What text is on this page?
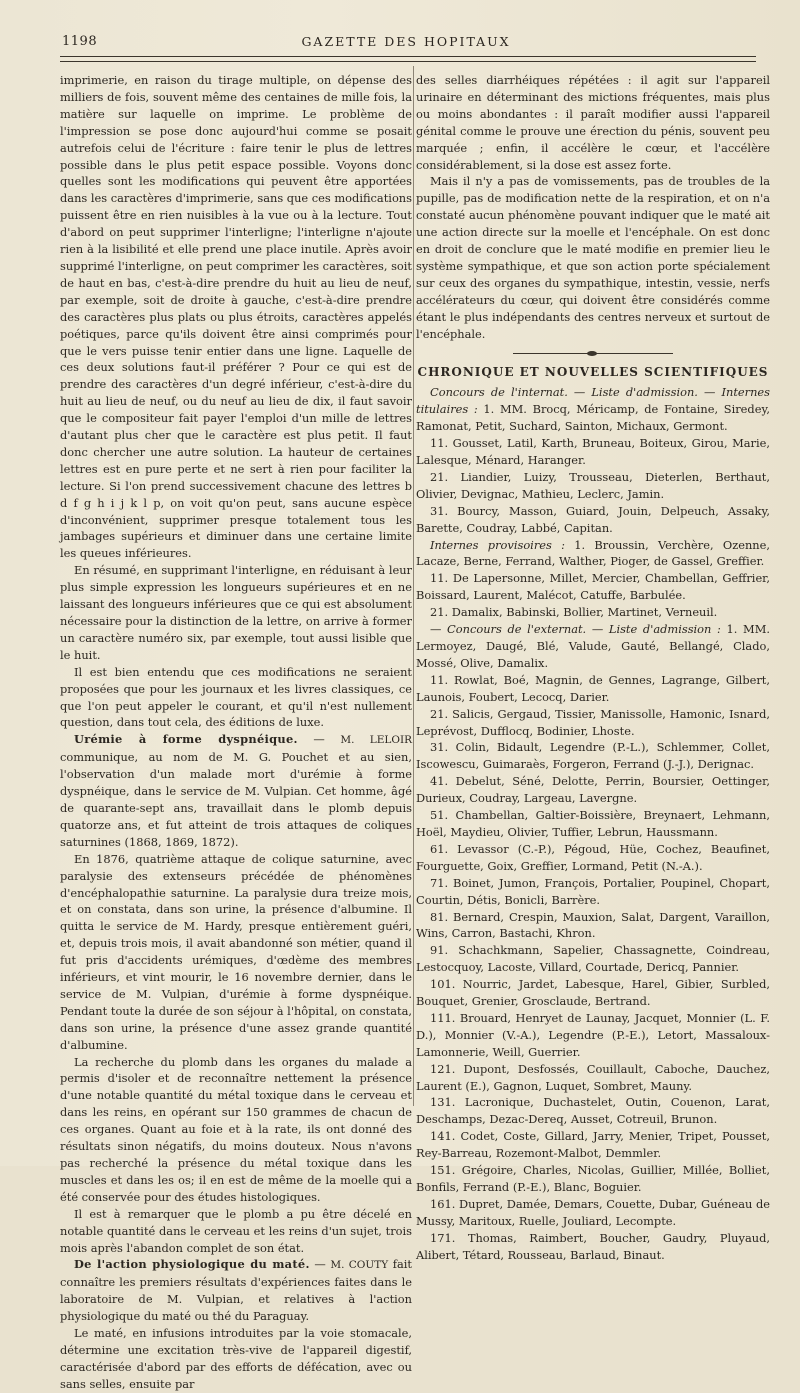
1198	GAZETTE DES HOPITAUX

imprimerie, en raison du tirage multiple, on dépense des milliers de fois, souvent même des centaines de mille fois, la matière sur laquelle on imprime. Le problème de l'impression se pose donc aujourd'hui comme se posait autrefois celui de l'écriture : faire tenir le plus de lettres possible dans le plus petit espace possible. Voyons donc quelles sont les modifications qui peuvent être apportées dans les caractères d'imprimerie, sans que ces modifications puissent être en rien nuisibles à la vue ou à la lecture. Tout d'abord on peut supprimer l'interligne; l'interligne n'ajoute rien à la lisibilité et elle prend une place inutile. Après avoir supprimé l'interligne, on peut comprimer les caractères, soit de haut en bas, c'est-à-dire prendre du huit au lieu de neuf, par exemple, soit de droite à gauche, c'est-à-dire prendre des caractères plus plats ou plus étroits, caractères appelés poétiques, parce qu'ils doivent être ainsi comprimés pour que le vers puisse tenir entier dans une ligne. Laquelle de ces deux solutions faut-il préférer ? Pour ce qui est de prendre des caractères d'un degré inférieur, c'est-à-dire du huit au lieu de neuf, ou du neuf au lieu de dix, il faut savoir que le compositeur fait payer l'emploi d'un mille de lettres d'autant plus cher que le caractère est plus petit. Il faut donc chercher une autre solution. La hauteur de certaines lettres est en pure perte et ne sert à rien pour faciliter la lecture. Si l'on prend successivement chacune des lettres b d f g h i j k l p, on voit qu'on peut, sans aucune espèce d'inconvénient, supprimer presque totalement tous les jambages supérieurs et diminuer dans une certaine limite les queues inférieures.

En résumé, en supprimant l'interligne, en réduisant à leur plus simple expression les longueurs supérieures et en ne laissant des longueurs inférieures que ce qui est absolument nécessaire pour la distinction de la lettre, on arrive à former un caractère numéro six, par exemple, tout aussi lisible que le huit.

Il est bien entendu que ces modifications ne seraient proposées que pour les journaux et les livres classiques, ce que l'on peut appeler le courant, et qu'il n'est nullement question, dans tout cela, des éditions de luxe.

Urémie à forme dyspnéique. — M. LELOIR communique, au nom de M. G. Pouchet et au sien, l'observation d'un malade mort d'urémie à forme dyspnéique, dans le service de M. Vulpian. Cet homme, âgé de quarante-sept ans, travaillait dans le plomb depuis quatorze ans, et fut atteint de trois attaques de coliques saturnines (1868, 1869, 1872).

En 1876, quatrième attaque de colique saturnine, avec paralysie des extenseurs précédée de phénomènes d'encéphalopathie saturnine. La paralysie dura treize mois, et on constata, dans son urine, la présence d'albumine. Il quitta le service de M. Hardy, presque entièrement guéri, et, depuis trois mois, il avait abandonné son métier, quand il fut pris d'accidents urémiques, d'œdème des membres inférieurs, et vint mourir, le 16 novembre dernier, dans le service de M. Vulpian, d'urémie à forme dyspnéique. Pendant toute la durée de son séjour à l'hôpital, on constata, dans son urine, la présence d'une assez grande quantité d'albumine.

La recherche du plomb dans les organes du malade a permis d'isoler et de reconnaître nettement la présence d'une notable quantité du métal toxique dans le cerveau et dans les reins, en opérant sur 150 grammes de chacun de ces organes. Quant au foie et à la rate, ils ont donné des résultats sinon négatifs, du moins douteux. Nous n'avons pas recherché la présence du métal toxique dans les muscles et dans les os; il en est de même de la moelle qui a été conservée pour des études histologiques.

Il est à remarquer que le plomb a pu être décelé en notable quantité dans le cerveau et les reins d'un sujet, trois mois après l'abandon complet de son état.

De l'action physiologique du maté. — M. COUTY fait connaître les premiers résultats d'expériences faites dans le laboratoire de M. Vulpian, et relatives à l'action physiologique du maté ou thé du Paraguay.

Le maté, en infusions introduites par la voie stomacale, détermine une excitation très-vive de l'appareil digestif, caractérisée d'abord par des efforts de défécation, avec ou sans selles, ensuite par

des selles diarrhéiques répétées : il agit sur l'appareil urinaire en déterminant des mictions fréquentes, mais plus ou moins abondantes : il paraît modifier aussi l'appareil génital comme le prouve une érection du pénis, souvent peu marquée ; enfin, il accélère le cœur, et l'accélère considérablement, si la dose est assez forte.

Mais il n'y a pas de vomissements, pas de troubles de la pupille, pas de modification nette de la respiration, et on n'a constaté aucun phénomène pouvant indiquer que le maté ait une action directe sur la moelle et l'encéphale. On est donc en droit de conclure que le maté modifie en premier lieu le système sympathique, et que son action porte spécialement sur ceux des organes du sympathique, intestin, vessie, nerfs accélérateurs du cœur, qui doivent être considérés comme étant le plus indépendants des centres nerveux et surtout de l'encéphale.

CHRONIQUE ET NOUVELLES SCIENTIFIQUES

Concours de l'internat. — Liste d'admission. — Internes titulaires : 1. MM. Brocq, Méricamp, de Fontaine, Siredey, Ramonat, Petit, Suchard, Sainton, Michaux, Germont.

11. Gousset, Latil, Karth, Bruneau, Boiteux, Girou, Marie, Lalesque, Ménard, Haranger.

21. Liandier, Luizy, Trousseau, Dieterlen, Berthaut, Olivier, Devignac, Mathieu, Leclerc, Jamin.

31. Bourcy, Masson, Guiard, Jouin, Delpeuch, Assaky, Barette, Coudray, Labbé, Capitan.

Internes provisoires : 1. Broussin, Verchère, Ozenne, Lacaze, Berne, Ferrand, Walther, Pioger, de Gassel, Greffier.

11. De Lapersonne, Millet, Mercier, Chambellan, Geffrier, Boissard, Laurent, Malécot, Catuffe, Barbulée.

21. Damalix, Babinski, Bollier, Martinet, Verneuil.

— Concours de l'externat. — Liste d'admission : 1. MM. Lermoyez, Daugé, Blé, Valude, Gauté, Bellangé, Clado, Mossé, Olive, Damalix.

11. Rowlat, Boé, Magnin, de Gennes, Lagrange, Gilbert, Launois, Foubert, Lecocq, Darier.

21. Salicis, Gergaud, Tissier, Manissolle, Hamonic, Isnard, Leprévost, Dufflocq, Bodinier, Lhoste.

31. Colin, Bidault, Legendre (P.-L.), Schlemmer, Collet, Iscowescu, Guimaraès, Forgeron, Ferrand (J.-J.), Derignac.

41. Debelut, Séné, Delotte, Perrin, Boursier, Oettinger, Durieux, Coudray, Largeau, Lavergne.

51. Chambellan, Galtier-Boissière, Breynaert, Lehmann, Hoël, Maydieu, Olivier, Tuffier, Lebrun, Haussmann.

61. Levassor (C.-P.), Pégoud, Hüe, Cochez, Beaufinet, Fourguette, Goix, Greffier, Lormand, Petit (N.-A.).

71. Boinet, Jumon, François, Portalier, Poupinel, Chopart, Courtin, Détis, Bonicli, Barrère.

81. Bernard, Crespin, Mauxion, Salat, Dargent, Varaillon, Wins, Carron, Bastachi, Khron.

91. Schachkmann, Sapelier, Chassagnette, Coindreau, Lestocquoy, Lacoste, Villard, Courtade, Dericq, Pannier.

101. Nourric, Jardet, Labesque, Harel, Gibier, Surbled, Bouquet, Grenier, Grosclaude, Bertrand.

111. Brouard, Henryet de Launay, Jacquet, Monnier (L. F. D.), Monnier (V.-A.), Legendre (P.-E.), Letort, Massaloux-Lamonnerie, Weill, Guerrier.

121. Dupont, Desfossés, Couillault, Caboche, Dauchez, Laurent (E.), Gagnon, Luquet, Sombret, Mauny.

131. Lacronique, Duchastelet, Outin, Couenon, Larat, Deschamps, Dezac-Dereq, Ausset, Cotreuil, Brunon.

141. Codet, Coste, Gillard, Jarry, Menier, Tripet, Pousset, Rey-Barreau, Rozemont-Malbot, Demmler.

151. Grégoire, Charles, Nicolas, Guillier, Millée, Bolliet, Bonfils, Ferrand (P.-E.), Blanc, Boguier.

161. Dupret, Damée, Demars, Couette, Dubar, Guéneau de Mussy, Maritoux, Ruelle, Jouliard, Lecompte.

171. Thomas, Raimbert, Boucher, Gaudry, Pluyaud, Alibert, Tétard, Rousseau, Barlaud, Binaut.
